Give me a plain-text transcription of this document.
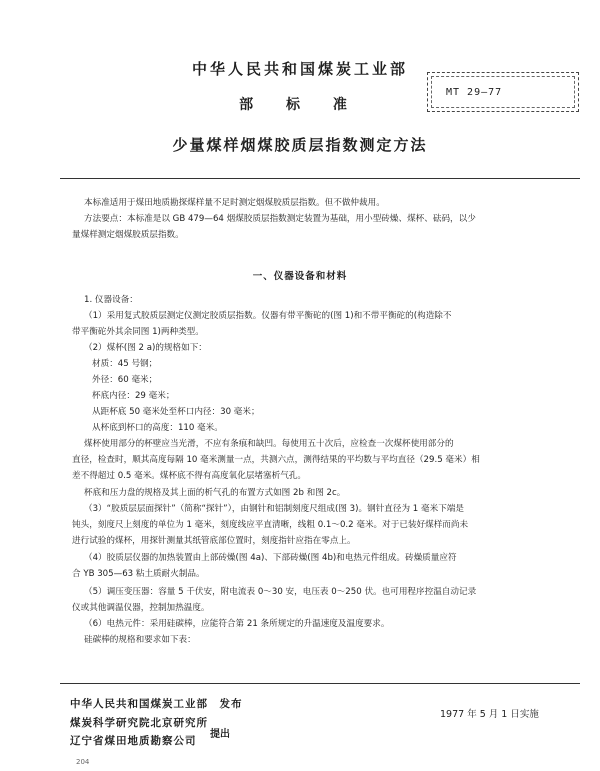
中华人民共和国煤炭工业部
部 标 准
MT 29—77
少量煤样烟煤胶质层指数测定方法
本标准适用于煤田地质勘探煤样量不足时测定烟煤胶质层指数。但不做仲裁用。
方法要点：本标准是以 GB 479—64 烟煤胶质层指数测定装置为基础，用小型砖燥、煤杯、砝码，以少
量煤样测定烟煤胶质层指数。
一、仪器设备和材料
1. 仪器设备：
（1）采用复式胶质层测定仪测定胶质层指数。仪器有带平衡砣的(图 1)和不带平衡砣的(构造除不
带平衡砣外其余同图 1)两种类型。
（2）煤杯(图 2 a)的规格如下：
材质：45 号钢；
外径：60 毫米；
杯底内径：29 毫米；
从距杯底 50 毫米处至杯口内径：30 毫米；
从杯底到杯口的高度：110 毫米。
煤杯使用部分的杯壁应当光滑，不应有条痕和缺凹。每使用五十次后，应检查一次煤杯使用部分的
直径，检查时，顺其高度每隔 10 毫米测量一点，共测六点，测得结果的平均数与平均直径（29.5 毫米）相
差不得超过 0.5 毫米。煤杯底不得有高度氧化层堵塞析气孔。
杯底和压力盘的规格及其上面的析气孔的布置方式如图 2b 和图 2c。
（3）“胶质层层面探针”（简称“探针”），由钢针和铝制刻度尺组成(图 3)。钢针直径为 1 毫米下端是
钝头，刻度尺上刻度的单位为 1 毫米，刻度线应平直清晰，线粗 0.1～0.2 毫米。对于已装好煤样而尚未
进行试验的煤杯，用探针测量其纸管底部位置时，刻度指针应指在零点上。
（4）胶质层仪器的加热装置由上部砖燥(图 4a)、下部砖燥(图 4b)和电热元件组成。砖燥质量应符
合 YB 305—63 粘土质耐火制品。
（5）调压变压器：容量 5 千伏安，附电流表 0～30 安，电压表 0～250 伏。也可用程序控温自动记录
仪或其他调温仪器，控制加热温度。
（6）电热元件：采用硅碳棒，应能符合第 21 条所规定的升温速度及温度要求。
硅碳棒的规格和要求如下表：
中华人民共和国煤炭工业部　发布
煤炭科学研究院北京研究所
辽宁省煤田地质勘察公司
提出
1977 年 5 月 1 日实施
204
